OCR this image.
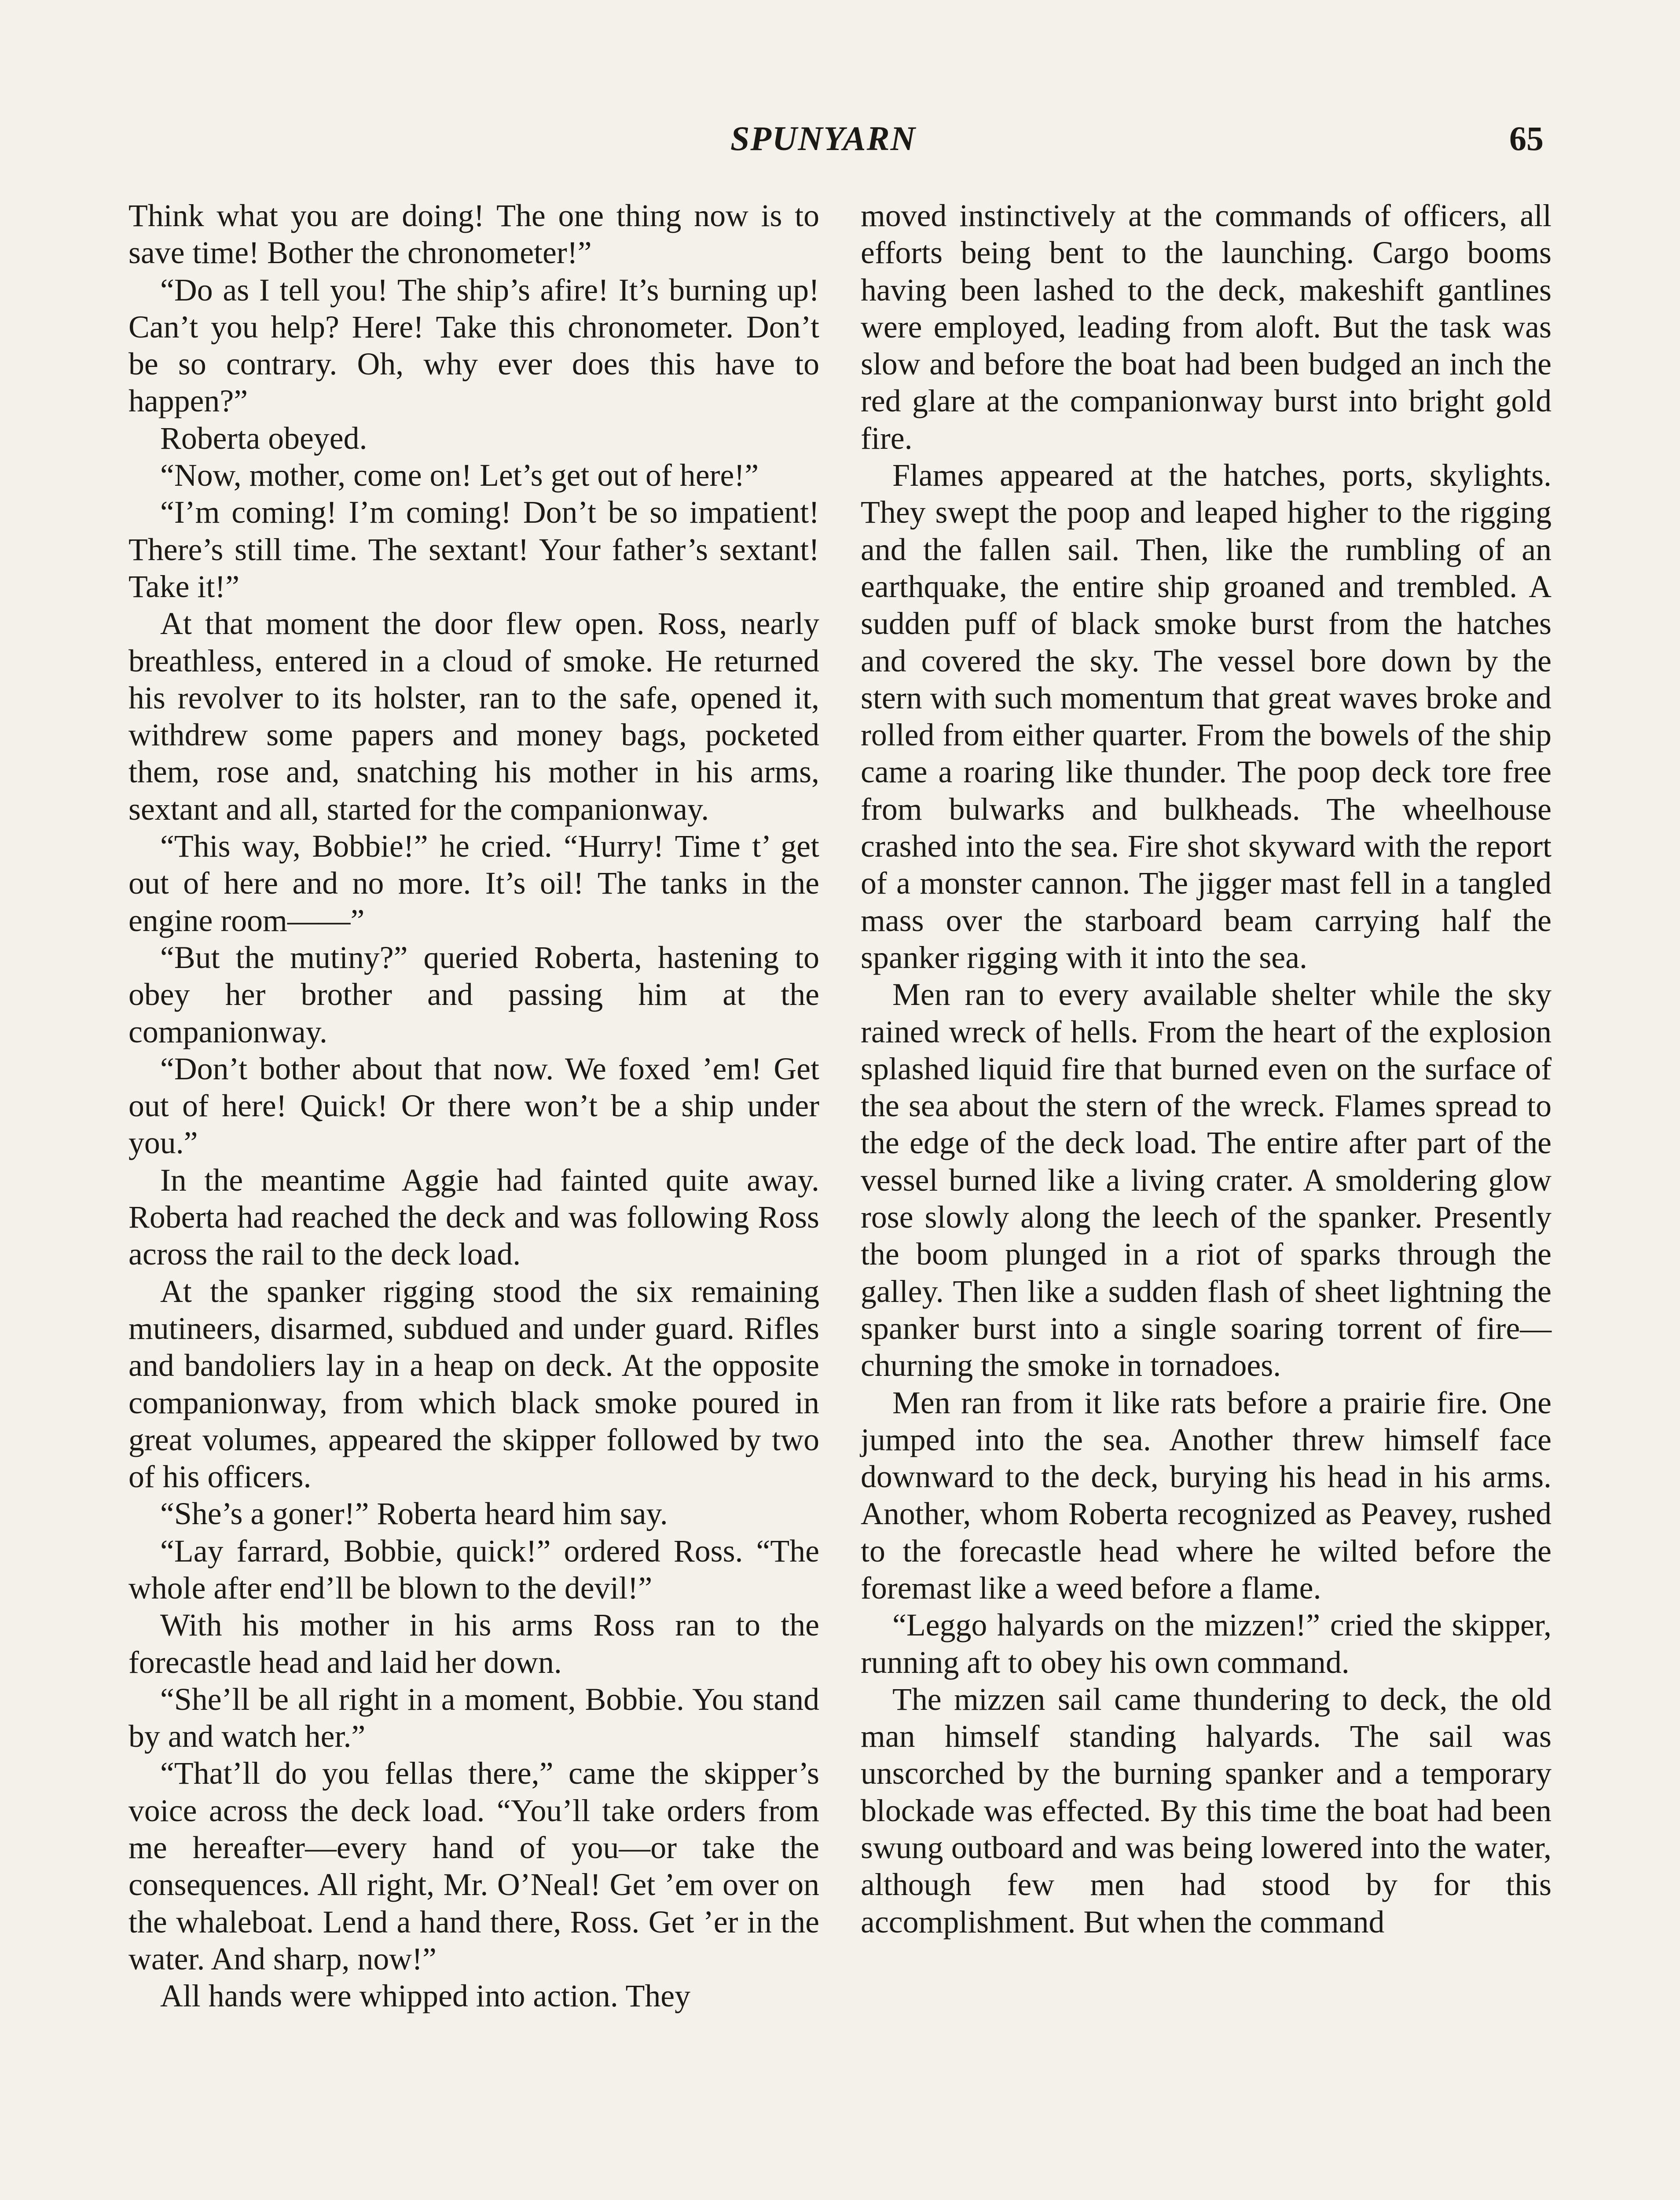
SPUNYARN	65

Think what you are doing! The one thing now is to save time! Bother the chronometer!”

“Do as I tell you! The ship’s afire! It’s burning up! Can’t you help? Here! Take this chronometer. Don’t be so contrary. Oh, why ever does this have to happen?”

Roberta obeyed.

“Now, mother, come on! Let’s get out of here!”

“I’m coming! I’m coming! Don’t be so impatient! There’s still time. The sextant! Your father’s sextant! Take it!”

At that moment the door flew open. Ross, nearly breathless, entered in a cloud of smoke. He returned his revolver to its holster, ran to the safe, opened it, withdrew some papers and money bags, pocketed them, rose and, snatching his mother in his arms, sextant and all, started for the companionway.

“This way, Bobbie!” he cried. “Hurry! Time t’ get out of here and no more. It’s oil! The tanks in the engine room——”

“But the mutiny?” queried Roberta, hastening to obey her brother and passing him at the companionway.

“Don’t bother about that now. We foxed ’em! Get out of here! Quick! Or there won’t be a ship under you.”

In the meantime Aggie had fainted quite away. Roberta had reached the deck and was following Ross across the rail to the deck load.

At the spanker rigging stood the six remaining mutineers, disarmed, subdued and under guard. Rifles and bandoliers lay in a heap on deck. At the opposite companionway, from which black smoke poured in great volumes, appeared the skipper followed by two of his officers.

“She’s a goner!” Roberta heard him say.

“Lay farrard, Bobbie, quick!” ordered Ross. “The whole after end’ll be blown to the devil!”

With his mother in his arms Ross ran to the forecastle head and laid her down.

“She’ll be all right in a moment, Bobbie. You stand by and watch her.”

“That’ll do you fellas there,” came the skipper’s voice across the deck load. “You’ll take orders from me hereafter—every hand of you—or take the consequences. All right, Mr. O’Neal! Get ’em over on the whaleboat. Lend a hand there, Ross. Get ’er in the water. And sharp, now!”

All hands were whipped into action. They

moved instinctively at the commands of officers, all efforts being bent to the launching. Cargo booms having been lashed to the deck, makeshift gantlines were employed, leading from aloft. But the task was slow and before the boat had been budged an inch the red glare at the companionway burst into bright gold fire.

Flames appeared at the hatches, ports, skylights. They swept the poop and leaped higher to the rigging and the fallen sail. Then, like the rumbling of an earthquake, the entire ship groaned and trembled. A sudden puff of black smoke burst from the hatches and covered the sky. The vessel bore down by the stern with such momentum that great waves broke and rolled from either quarter. From the bowels of the ship came a roaring like thunder. The poop deck tore free from bulwarks and bulkheads. The wheelhouse crashed into the sea. Fire shot skyward with the report of a monster cannon. The jigger mast fell in a tangled mass over the starboard beam carrying half the spanker rigging with it into the sea.

Men ran to every available shelter while the sky rained wreck of hells. From the heart of the explosion splashed liquid fire that burned even on the surface of the sea about the stern of the wreck. Flames spread to the edge of the deck load. The entire after part of the vessel burned like a living crater. A smoldering glow rose slowly along the leech of the spanker. Presently the boom plunged in a riot of sparks through the galley. Then like a sudden flash of sheet lightning the spanker burst into a single soaring torrent of fire—churning the smoke in tornadoes.

Men ran from it like rats before a prairie fire. One jumped into the sea. Another threw himself face downward to the deck, burying his head in his arms. Another, whom Roberta recognized as Peavey, rushed to the forecastle head where he wilted before the foremast like a weed before a flame.

“Leggo halyards on the mizzen!” cried the skipper, running aft to obey his own command.

The mizzen sail came thundering to deck, the old man himself standing halyards. The sail was unscorched by the burning spanker and a temporary blockade was effected. By this time the boat had been swung outboard and was being lowered into the water, although few men had stood by for this accomplishment. But when the command
